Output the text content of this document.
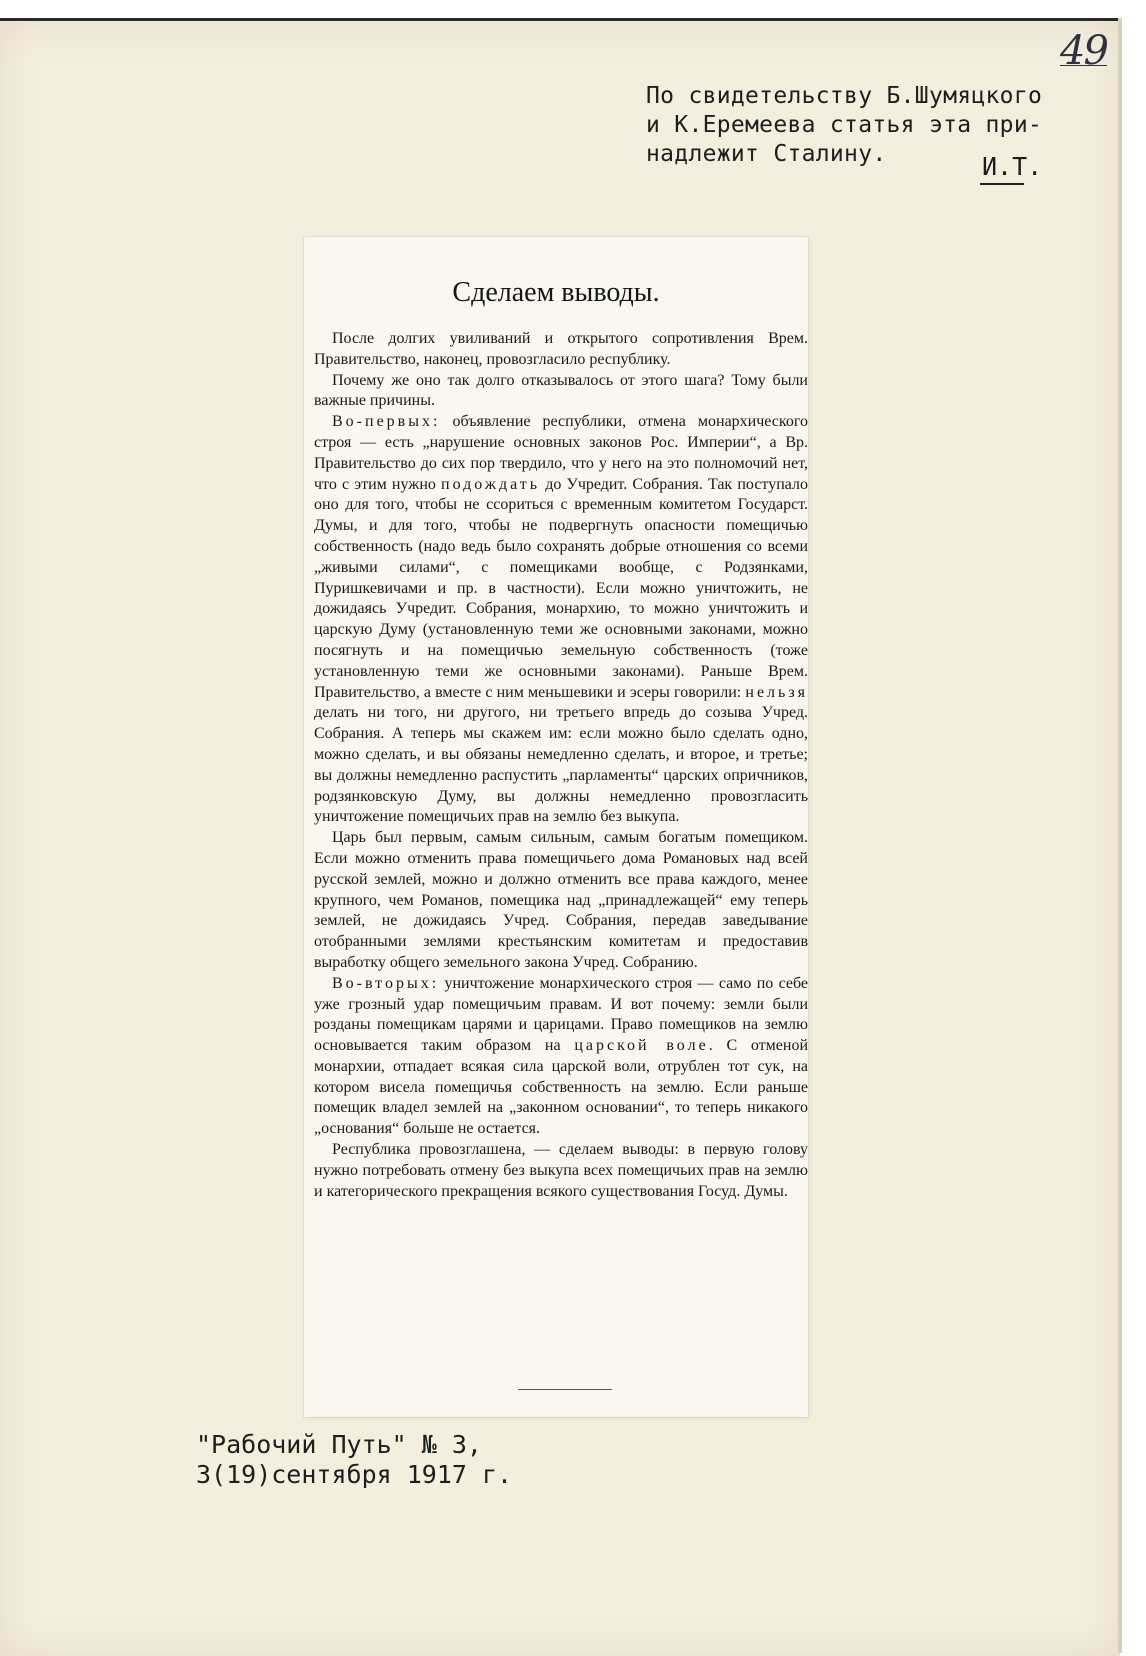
49
По свидетельству Б.Шумяцкого
и К.Еремеева статья эта при-
надлежит Сталину.	И.Т.
Сделаем выводы.

После долгих увиливаний и открытого сопротивления Врем. Правительство, наконец, провозгласило республику.

Почему же оно так долго отказывалось от этого шага? Тому были важные причины.

Во-первых: объявление республики, отмена монархического строя — есть „нарушение основных законов Рос. Империи“, а Вр. Правительство до сих пор твердило, что у него на это полномочий нет, что с этим нужно подождать до Учредит. Собрания. Так поступало оно для того, чтобы не ссориться с временным комитетом Государст. Думы, и для того, чтобы не подвергнуть опасности помещичью собственность (надо ведь было сохранять добрые отношения со всеми „живыми силами“, с помещиками вообще, с Родзянками, Пуришкевичами и пр. в частности). Если можно уничтожить, не дожидаясь Учредит. Собрания, монархию, то можно уничтожить и царскую Думу (установленную теми же основными законами, можно посягнуть и на помещичью земельную собственность (тоже установленную теми же основными законами). Раньше Врем. Правительство, а вместе с ним меньшевики и эсеры говорили: нельзя делать ни того, ни другого, ни третьего впредь до созыва Учред. Собрания. А теперь мы скажем им: если можно было сделать одно, можно сделать, и вы обязаны немедленно сделать, и второе, и третье; вы должны немедленно распустить „парламенты“ царских опричников, родзянковскую Думу, вы должны немедленно провозгласить уничтожение помещичьих прав на землю без выкупа.

Царь был первым, самым сильным, самым богатым помещиком. Если можно отменить права помещичьего дома Романовых над всей русской землей, можно и должно отменить все права каждого, менее крупного, чем Романов, помещика над „принадлежащей“ ему теперь землей, не дожидаясь Учред. Собрания, передав заведывание отобранными землями крестьянским комитетам и предоставив выработку общего земельного закона Учред. Собранию.

Во-вторых: уничтожение монархического строя — само по себе уже грозный удар помещичьим правам. И вот почему: земли были розданы помещикам царями и царицами. Право помещиков на землю основывается таким образом на царской воле. С отменой монархии, отпадает всякая сила царской воли, отрублен тот сук, на котором висела помещичья собственность на землю. Если раньше помещик владел землей на „законном основании“, то теперь никакого „основания“ больше не остается.

Республика провозглашена, — сделаем выводы: в первую голову нужно потребовать отмену без выкупа всех помещичьих прав на землю и категорического прекращения всякого существования Госуд. Думы.

"Рабочий Путь" № 3,
3(19)сентября 1917 г.
